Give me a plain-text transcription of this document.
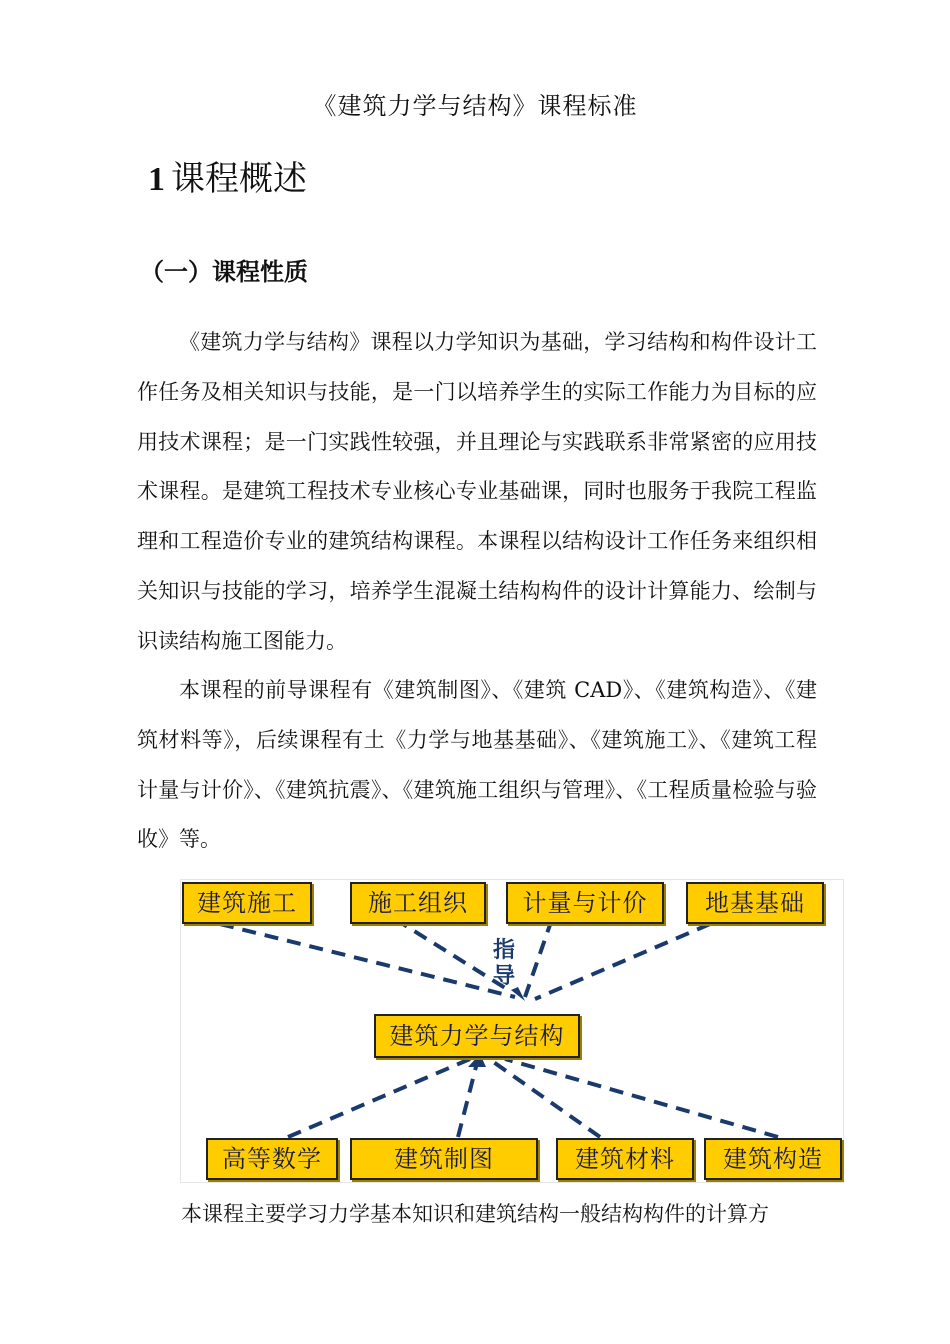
《建筑力学与结构》课程标准
1 课程概述
（一）课程性质

《建筑力学与结构》课程以力学知识为基础，学习结构和构件设计工作任务及相关知识与技能，是一门以培养学生的实际工作能力为目标的应用技术课程；是一门实践性较强，并且理论与实践联系非常紧密的应用技术课程。是建筑工程技术专业核心专业基础课，同时也服务于我院工程监理和工程造价专业的建筑结构课程。本课程以结构设计工作任务来组织相关知识与技能的学习，培养学生混凝土结构构件的设计计算能力、绘制与识读结构施工图能力。

本课程的前导课程有《建筑制图》、《建筑 CAD》、《建筑构造》、《建筑材料等》，后续课程有土《力学与地基基础》、《建筑施工》、《建筑工程计量与计价》、《建筑抗震》、《建筑施工组织与管理》、《工程质量检验与验收》等。

建筑施工	施工组织	计量与计价	地基基础
指
导
建筑力学与结构
高等数学	建筑制图	建筑材料	建筑构造

本课程主要学习力学基本知识和建筑结构一般结构构件的计算方
